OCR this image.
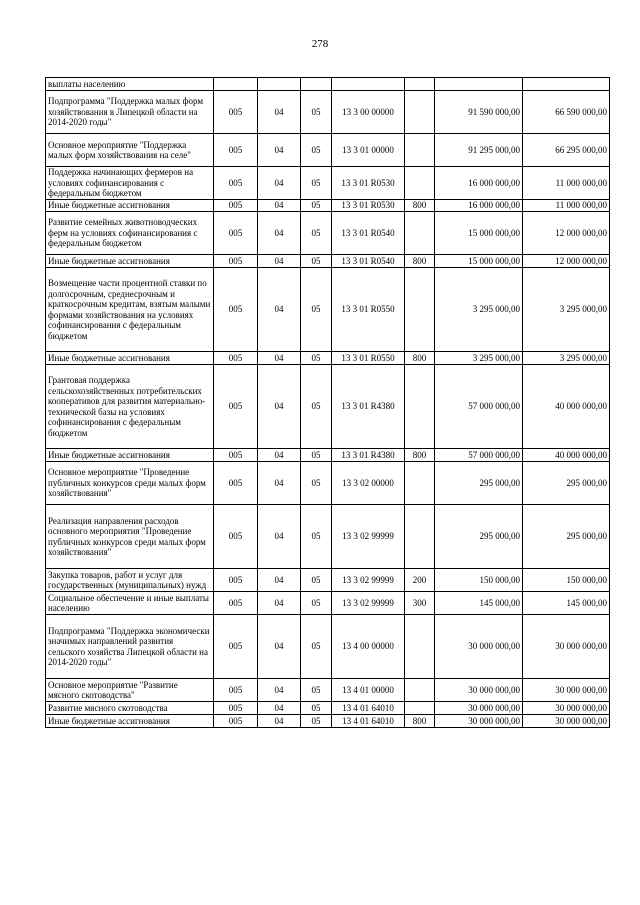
278
выплаты населению							
Подпрограмма "Поддержка малых форм хозяйствования в Липецкой области на 2014-2020 годы"	005	04	05	13 3 00 00000		91 590 000,00	66 590 000,00
Основное мероприятие "Поддержка малых форм хозяйствования на селе"	005	04	05	13 3 01 00000		91 295 000,00	66 295 000,00
Поддержка начинающих фермеров на условиях софинансирования с федеральным бюджетом	005	04	05	13 3 01 R0530		16 000 000,00	11 000 000,00
Иные бюджетные ассигнования	005	04	05	13 3 01 R0530	800	16 000 000,00	11 000 000,00
Развитие семейных животноводческих ферм на условиях софинансирования с федеральным бюджетом	005	04	05	13 3 01 R0540		15 000 000,00	12 000 000,00
Иные бюджетные ассигнования	005	04	05	13 3 01 R0540	800	15 000 000,00	12 000 000,00
Возмещение части процентной ставки по долгосрочным, среднесрочным и краткосрочным кредитам, взятым малыми формами хозяйствования на условиях софинансирования с федеральным бюджетом	005	04	05	13 3 01 R0550		3 295 000,00	3 295 000,00
Иные бюджетные ассигнования	005	04	05	13 3 01 R0550	800	3 295 000,00	3 295 000,00
Грантовая поддержка сельскохозяйственных потребительских кооперативов для развития материально-технической базы на условиях софинансирования с федеральным бюджетом	005	04	05	13 3 01 R4380		57 000 000,00	40 000 000,00
Иные бюджетные ассигнования	005	04	05	13 3 01 R4380	800	57 000 000,00	40 000 000,00
Основное мероприятие "Проведение публичных конкурсов среди малых форм хозяйствования"	005	04	05	13 3 02 00000		295 000,00	295 000,00
Реализация направления расходов основного мероприятия "Проведение публичных конкурсов среди малых форм хозяйствования"	005	04	05	13 3 02 99999		295 000,00	295 000,00
Закупка товаров, работ и услуг для государственных (муниципальных) нужд	005	04	05	13 3 02 99999	200	150 000,00	150 000,00
Социальное обеспечение и иные выплаты населению	005	04	05	13 3 02 99999	300	145 000,00	145 000,00
Подпрограмма "Поддержка экономически значимых направлений развития сельского хозяйства Липецкой области на 2014-2020 годы"	005	04	05	13 4 00 00000		30 000 000,00	30 000 000,00
Основное мероприятие "Развитие мясного скотоводства"	005	04	05	13 4 01 00000		30 000 000,00	30 000 000,00
Развитие мясного скотоводства	005	04	05	13 4 01 64010		30 000 000,00	30 000 000,00
Иные бюджетные ассигнования	005	04	05	13 4 01 64010	800	30 000 000,00	30 000 000,00
